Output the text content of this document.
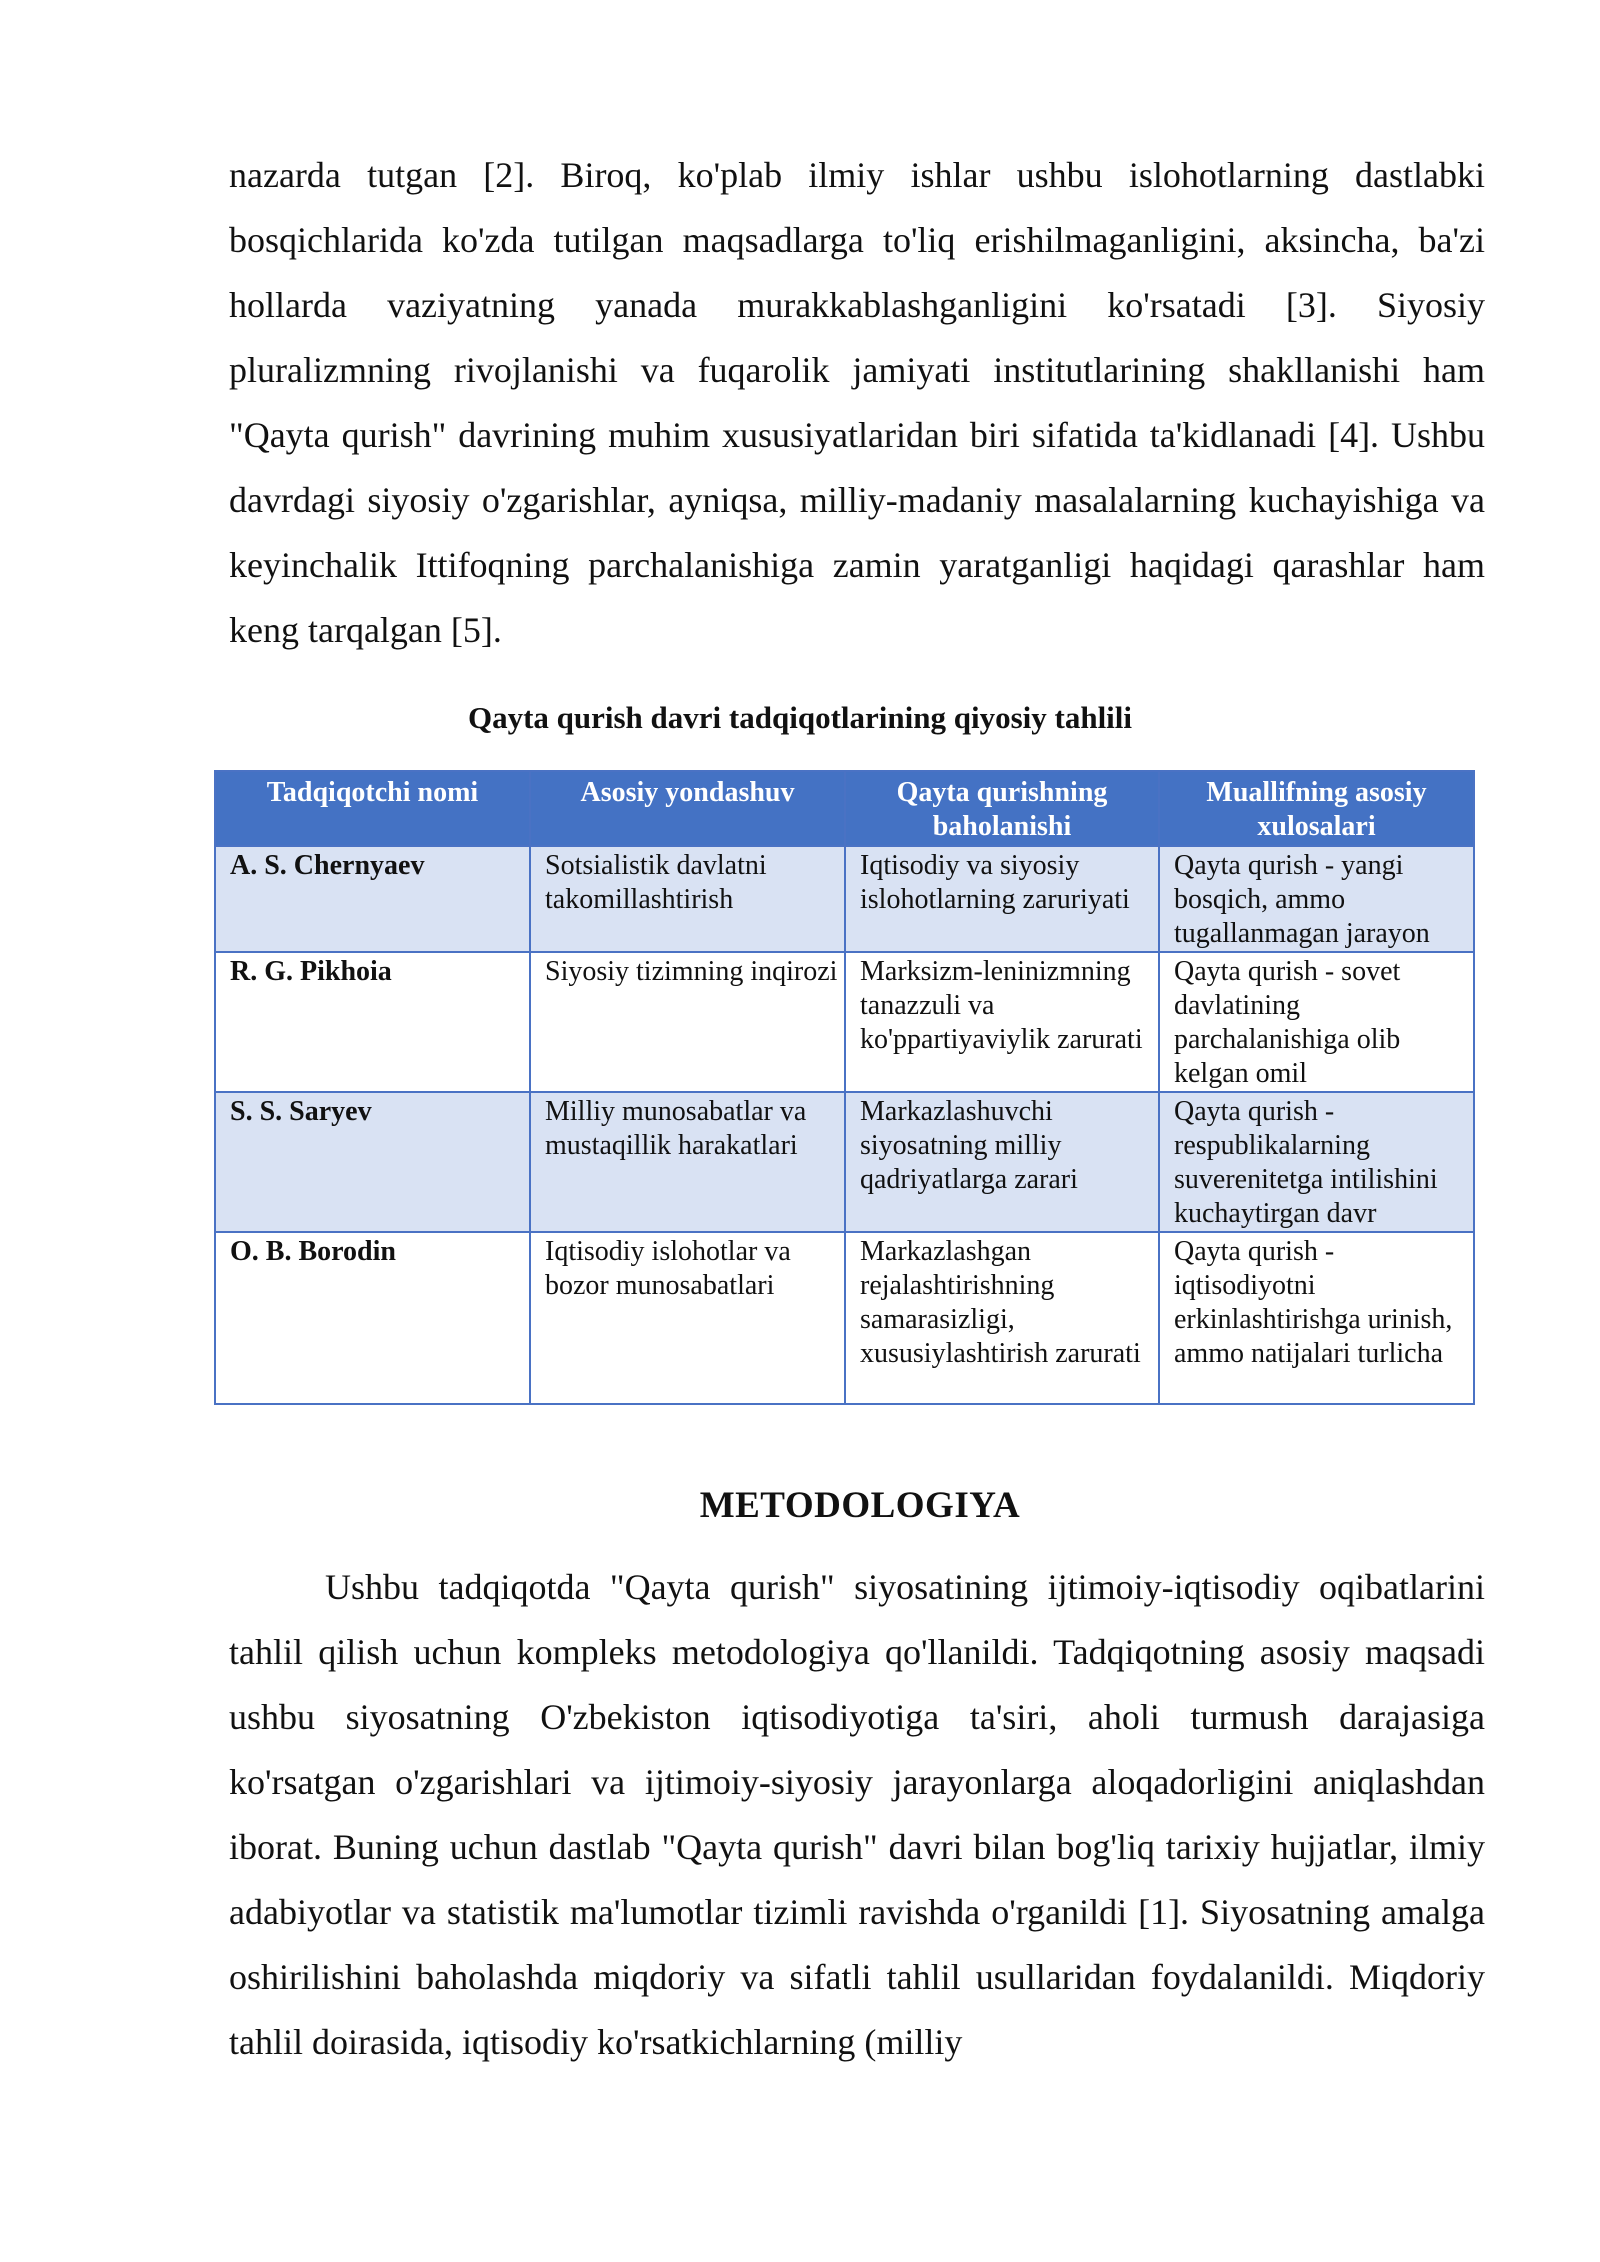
nazarda tutgan [2]. Biroq, ko'plab ilmiy ishlar ushbu islohotlarning dastlabki bosqichlarida ko'zda tutilgan maqsadlarga to'liq erishilmaganligini, aksincha, ba'zi hollarda vaziyatning yanada murakkablashganligini ko'rsatadi [3]. Siyosiy pluralizmning rivojlanishi va fuqarolik jamiyati institutlarining shakllanishi ham "Qayta qurish" davrining muhim xususiyatlaridan biri sifatida ta'kidlanadi [4]. Ushbu davrdagi siyosiy o'zgarishlar, ayniqsa, milliy-madaniy masalalarning kuchayishiga va keyinchalik Ittifoqning parchalanishiga zamin yaratganligi haqidagi qarashlar ham keng tarqalgan [5].

Qayta qurish davri tadqiqotlarining qiyosiy tahlili

Tadqiqotchi nomi	Asosiy yondashuv	Qayta qurishning baholanishi	Muallifning asosiy xulosalari
A. S. Chernyaev	Sotsialistik davlatni takomillashtirish	Iqtisodiy va siyosiy islohotlarning zaruriyati	Qayta qurish - yangi bosqich, ammo tugallanmagan jarayon
R. G. Pikhoia	Siyosiy tizimning inqirozi	Marksizm-leninizmning tanazzuli va ko'ppartiyaviylik zarurati	Qayta qurish - sovet davlatining parchalanishiga olib kelgan omil
S. S. Saryev	Milliy munosabatlar va mustaqillik harakatlari	Markazlashuvchi siyosatning milliy qadriyatlarga zarari	Qayta qurish - respublikalarning suverenitetga intilishini kuchaytirgan davr
O. B. Borodin	Iqtisodiy islohotlar va bozor munosabatlari	Markazlashgan rejalashtirishning samarasizligi, xususiylashtirish zarurati	Qayta qurish - iqtisodiyotni erkinlashtirishga urinish, ammo natijalari turlicha
METODOLOGIYA

Ushbu tadqiqotda "Qayta qurish" siyosatining ijtimoiy-iqtisodiy oqibatlarini tahlil qilish uchun kompleks metodologiya qo'llanildi. Tadqiqotning asosiy maqsadi ushbu siyosatning O'zbekiston iqtisodiyotiga ta'siri, aholi turmush darajasiga ko'rsatgan o'zgarishlari va ijtimoiy-siyosiy jarayonlarga aloqadorligini aniqlashdan iborat. Buning uchun dastlab "Qayta qurish" davri bilan bog'liq tarixiy hujjatlar, ilmiy adabiyotlar va statistik ma'lumotlar tizimli ravishda o'rganildi [1]. Siyosatning amalga oshirilishini baholashda miqdoriy va sifatli tahlil usullaridan foydalanildi. Miqdoriy tahlil doirasida, iqtisodiy ko'rsatkichlarning (milliy
